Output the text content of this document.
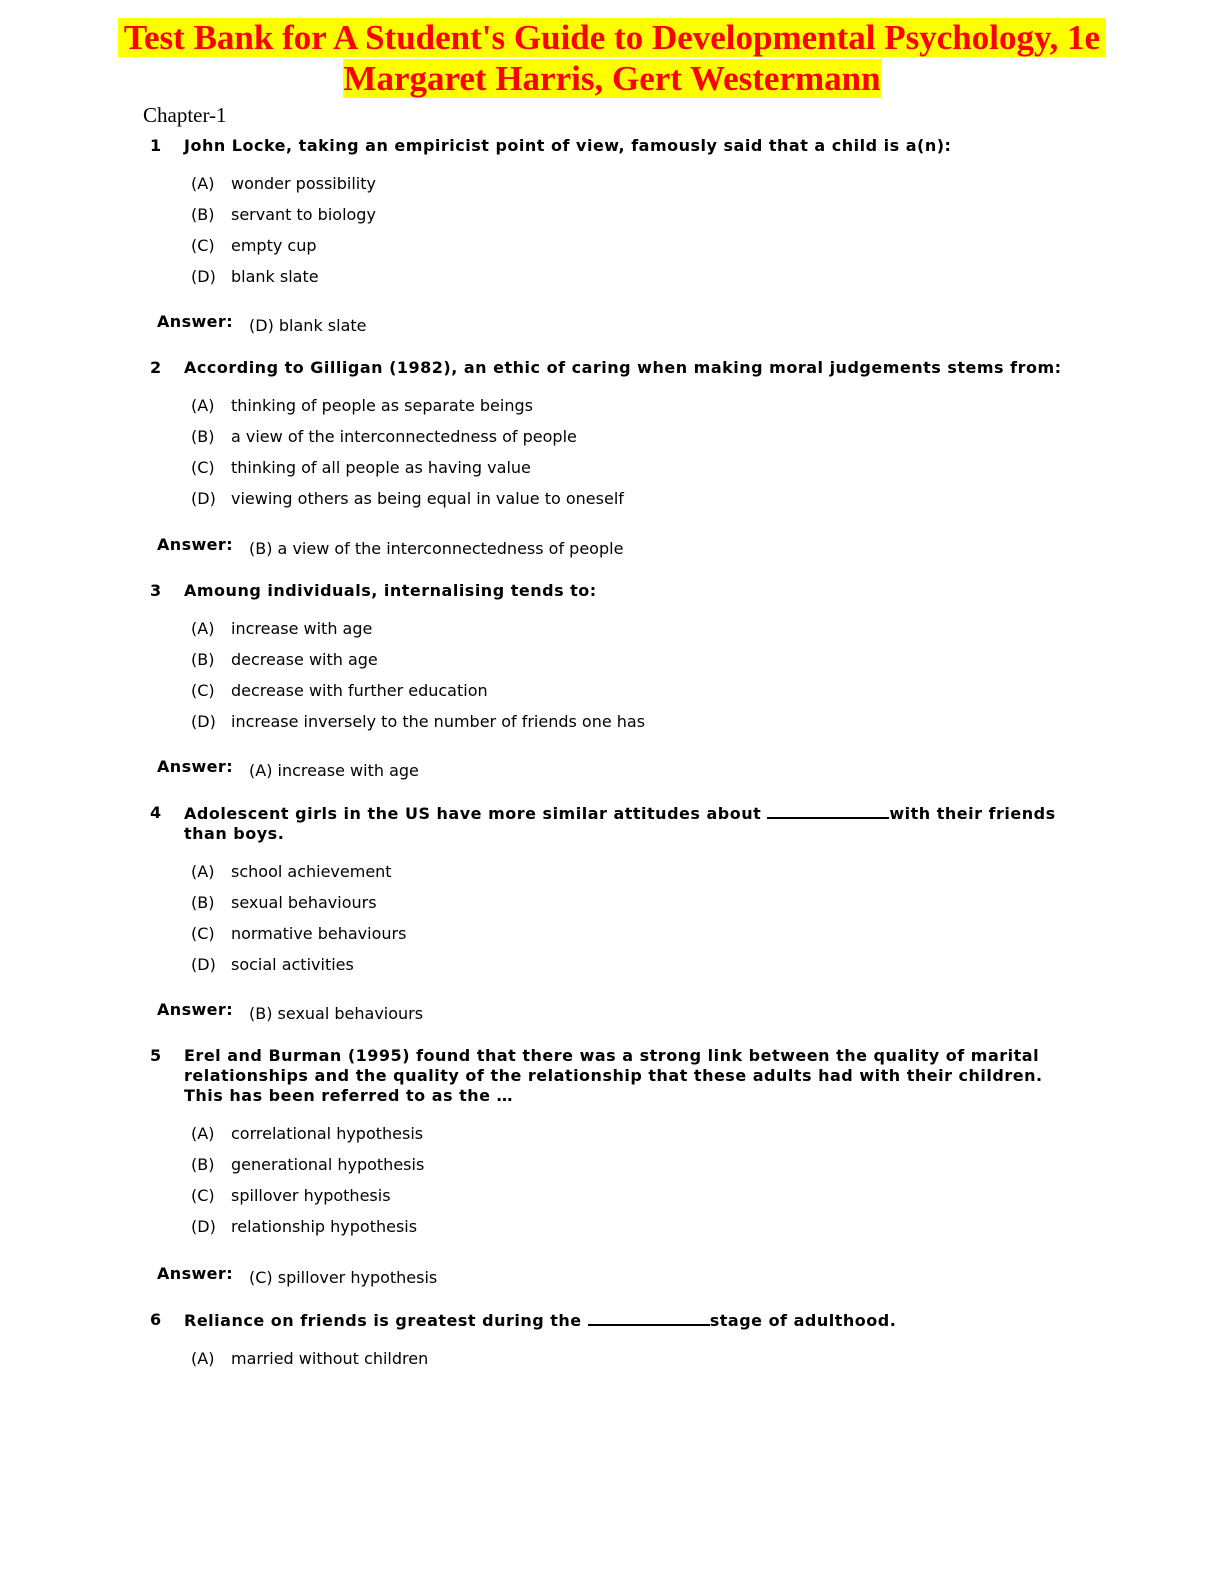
Test Bank for A Student's Guide to Developmental Psychology, 1e
Margaret Harris, Gert Westermann
Chapter-1
1 John Locke, taking an empiricist point of view, famously said that a child is a(n):
(A) wonder possibility
(B) servant to biology
(C) empty cup
(D) blank slate
Answer: (D) blank slate
2 According to Gilligan (1982), an ethic of caring when making moral judgements stems from:
(A) thinking of people as separate beings
(B) a view of the interconnectedness of people
(C) thinking of all people as having value
(D) viewing others as being equal in value to oneself
Answer: (B) a view of the interconnectedness of people
3 Amoung individuals, internalising tends to:
(A) increase with age
(B) decrease with age
(C) decrease with further education
(D) increase inversely to the number of friends one has
Answer: (A) increase with age
4 Adolescent girls in the US have more similar attitudes about	with their friends than boys.
(A) school achievement
(B) sexual behaviours
(C) normative behaviours
(D) social activities
Answer: (B) sexual behaviours
5 Erel and Burman (1995) found that there was a strong link between the quality of marital relationships and the quality of the relationship that these adults had with their children. This has been referred to as the …
(A) correlational hypothesis
(B) generational hypothesis
(C) spillover hypothesis
(D) relationship hypothesis
Answer: (C) spillover hypothesis
6 Reliance on friends is greatest during the	stage of adulthood.
(A) married without children
